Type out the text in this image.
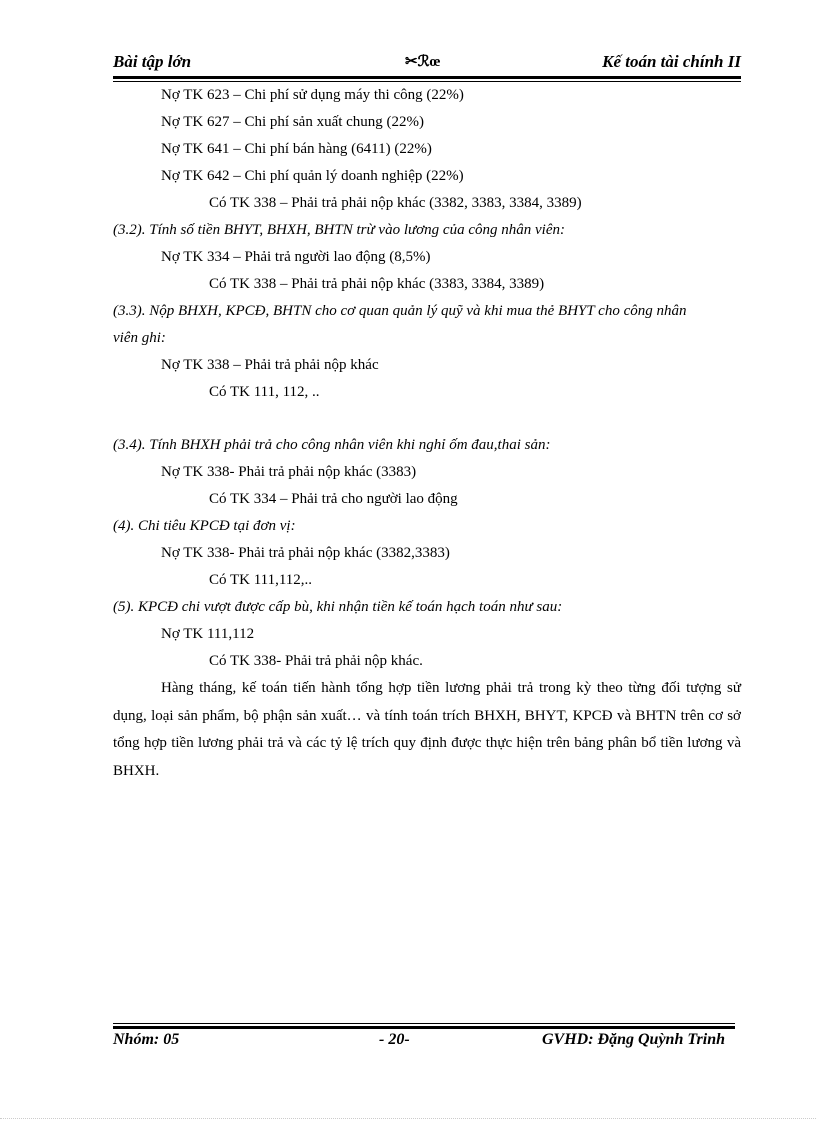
Bài tập lớn	✂ℛœ	Kế toán tài chính II
Nợ TK 623 – Chi phí sử dụng máy thi công (22%)
Nợ TK 627 – Chi phí sản xuất chung (22%)
Nợ TK 641 – Chi phí bán hàng (6411) (22%)
Nợ TK 642 – Chi phí quản lý doanh nghiệp (22%)
Có TK 338 – Phải trả phải nộp khác (3382, 3383, 3384, 3389)
(3.2). Tính số tiền BHYT, BHXH, BHTN trừ vào lương của công nhân viên:
Nợ TK 334 – Phải trả người lao động (8,5%)
Có TK 338 – Phải trả phải nộp khác (3383, 3384, 3389)
(3.3). Nộp BHXH, KPCĐ, BHTN cho cơ quan quản lý quỹ và khi mua thẻ BHYT cho công nhân
viên ghi:
Nợ TK 338 – Phải trả phải nộp khác
Có TK 111, 112, ..
(3.4). Tính BHXH phải trả cho công nhân viên khi nghỉ ốm đau,thai sản:
Nợ TK 338- Phải trả phải nộp khác (3383)
Có TK 334 – Phải trả cho người lao động
(4). Chi tiêu KPCĐ tại đơn vị:
Nợ TK 338- Phải trả phải nộp khác (3382,3383)
Có TK 111,112,..
(5). KPCĐ chi vượt được cấp bù, khi nhận tiền kế toán hạch toán như sau:
Nợ TK 111,112
Có TK 338- Phải trả phải nộp khác.

Hàng tháng, kế toán tiến hành tổng hợp tiền lương phải trả trong kỳ theo từng đối tượng sử dụng, loại sản phẩm, bộ phận sản xuất… và tính toán trích BHXH, BHYT, KPCĐ và BHTN trên cơ sở tổng hợp tiền lương phải trả và các tỷ lệ trích quy định được thực hiện trên bảng phân bổ tiền lương và BHXH.

Nhóm: 05	- 20-	GVHD: Đặng Quỳnh Trinh
